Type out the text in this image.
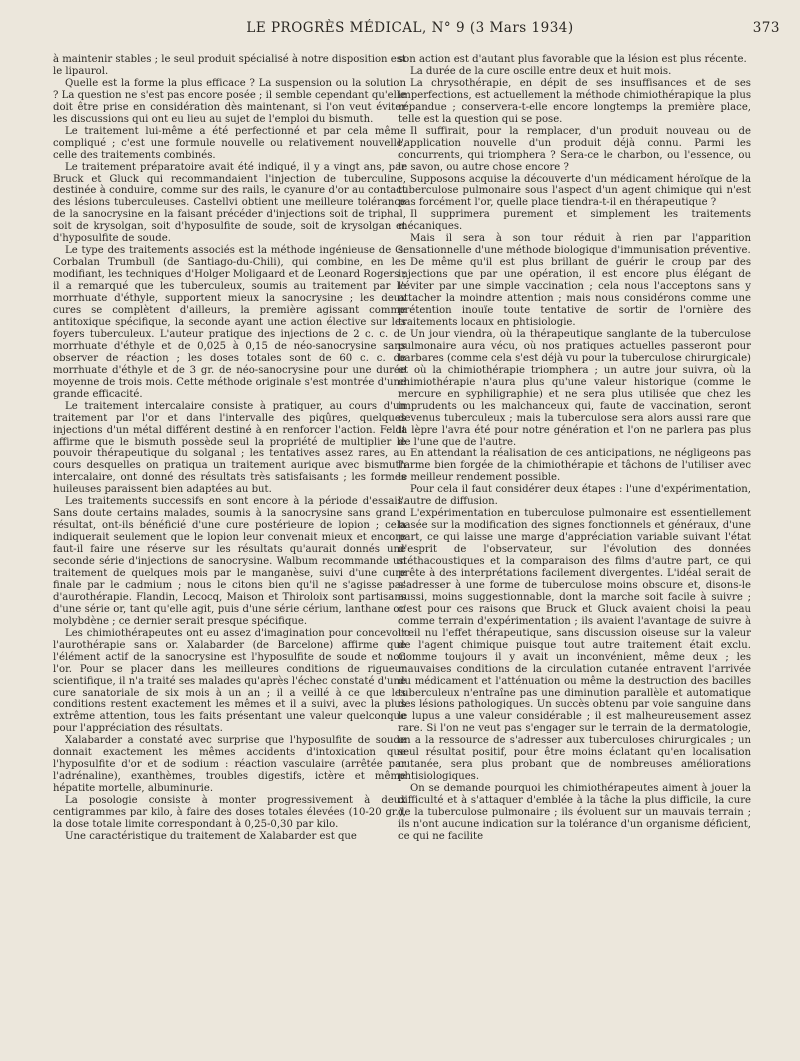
LE PROGRÈS MÉDICAL, N° 9 (3 Mars 1934)	373

à maintenir stables ; le seul produit spécialisé à notre disposition est le lipaurol.

Quelle est la forme la plus efficace ? La suspension ou la solution ? La question ne s'est pas encore posée ; il semble cependant qu'elle doit être prise en considération dès maintenant, si l'on veut éviter les discussions qui ont eu lieu au sujet de l'emploi du bismuth.

Le traitement lui-même a été perfectionné et par cela même compliqué ; c'est une formule nouvelle ou relativement nouvelle, celle des traitements combinés.

Le traitement préparatoire avait été indiqué, il y a vingt ans, par Bruck et Gluck qui recommandaient l'injection de tuberculine, destinée à conduire, comme sur des rails, le cyanure d'or au contact des lésions tuberculeuses. Castellvi obtient une meilleure tolérance de la sanocrysine en la faisant précéder d'injections soit de triphal, soit de krysolgan, soit d'hyposulfite de soude, soit de krysolgan et d'hyposulfite de soude.

Le type des traitements associés est la méthode ingénieuse de G. Corbalan Trumbull (de Santiago-du-Chili), qui combine, en les modifiant, les techniques d'Holger Moligaard et de Leonard Rogers ; il a remarqué que les tuberculeux, soumis au traitement par le morrhuate d'éthyle, supportent mieux la sanocrysine ; les deux cures se complètent d'ailleurs, la première agissant comme antitoxique spécifique, la seconde ayant une action élective sur les foyers tuberculeux. L'auteur pratique des injections de 2 c. c. de morrhuate d'éthyle et de 0,025 à 0,15 de néo-sanocrysine sans observer de réaction ; les doses totales sont de 60 c. c. de morrhuate d'éthyle et de 3 gr. de néo-sanocrysine pour une durée moyenne de trois mois. Cette méthode originale s'est montrée d'une grande efficacité.

Le traitement intercalaire consiste à pratiquer, au cours d'un traitement par l'or et dans l'intervalle des piqûres, quelques injections d'un métal différent destiné à en renforcer l'action. Feldt affirme que le bismuth possède seul la propriété de multiplier le pouvoir thérapeutique du solganal ; les tentatives assez rares, au cours desquelles on pratiqua un traitement aurique avec bismuth intercalaire, ont donné des résultats très satisfaisants ; les formes huileuses paraissent bien adaptées au but.

Les traitements successifs en sont encore à la période d'essais. Sans doute certains malades, soumis à la sanocrysine sans grand résultat, ont-ils bénéficié d'une cure postérieure de lopion ; cela indiquerait seulement que le lopion leur convenait mieux et encore faut-il faire une réserve sur les résultats qu'aurait donnés une seconde série d'injections de sanocrysine. Walbum recommande un traitement de quelques mois par le manganèse, suivi d'une cure finale par le cadmium ; nous le citons bien qu'il ne s'agisse pas d'aurothérapie. Flandin, Lecocq, Maison et Thiroloix sont partisans d'une série or, tant qu'elle agit, puis d'une série cérium, lanthane ou molybdène ; ce dernier serait presque spécifique.

Les chimiothérapeutes ont eu assez d'imagination pour concevoir l'aurothérapie sans or. Xalabarder (de Barcelone) affirme que l'élément actif de la sanocrysine est l'hyposulfite de soude et non l'or. Pour se placer dans les meilleures conditions de rigueur scientifique, il n'a traité ses malades qu'après l'échec constaté d'une cure sanatoriale de six mois à un an ; il a veillé à ce que les conditions restent exactement les mêmes et il a suivi, avec la plus extrême attention, tous les faits présentant une valeur quelconque pour l'appréciation des résultats.

Xalabarder a constaté avec surprise que l'hyposulfite de soude donnait exactement les mêmes accidents d'intoxication que l'hyposulfite d'or et de sodium : réaction vasculaire (arrêtée par l'adrénaline), exanthèmes, troubles digestifs, ictère et même hépatite mortelle, albuminurie.

La posologie consiste à monter progressivement à deux centigrammes par kilo, à faire des doses totales élevées (10-20 gr.), la dose totale limite correspondant à 0,25-0,30 par kilo.

Une caractéristique du traitement de Xalabarder est que

son action est d'autant plus favorable que la lésion est plus récente.

La durée de la cure oscille entre deux et huit mois.

La chrysothérapie, en dépit de ses insuffisances et de ses imperfections, est actuellement la méthode chimiothérapique la plus répandue ; conservera-t-elle encore longtemps la première place, telle est la question qui se pose.

Il suffirait, pour la remplacer, d'un produit nouveau ou de l'application nouvelle d'un produit déjà connu. Parmi les concurrents, qui triomphera ? Sera-ce le charbon, ou l'essence, ou le savon, ou autre chose encore ?

Supposons acquise la découverte d'un médicament héroïque de la tuberculose pulmonaire sous l'aspect d'un agent chimique qui n'est pas forcément l'or, quelle place tiendra-t-il en thérapeutique ?

Il supprimera purement et simplement les traitements mécaniques.

Mais il sera à son tour réduit à rien par l'apparition sensationnelle d'une méthode biologique d'immunisation préventive.

De même qu'il est plus brillant de guérir le croup par des injections que par une opération, il est encore plus élégant de l'éviter par une simple vaccination ; cela nous l'acceptons sans y attacher la moindre attention ; mais nous considérons comme une prétention inouïe toute tentative de sortir de l'ornière des traitements locaux en phtisiologie.

Un jour viendra, où la thérapeutique sanglante de la tuberculose pulmonaire aura vécu, où nos pratiques actuelles passeront pour barbares (comme cela s'est déjà vu pour la tuberculose chirurgicale) et où la chimiothérapie triomphera ; un autre jour suivra, où la chimiothérapie n'aura plus qu'une valeur historique (comme le mercure en syphiligraphie) et ne sera plus utilisée que chez les imprudents ou les malchanceux qui, faute de vaccination, seront devenus tuberculeux ; mais la tuberculose sera alors aussi rare que la lèpre l'avra été pour notre génération et l'on ne parlera pas plus de l'une que de l'autre.

En attendant la réalisation de ces anticipations, ne négligeons pas l'arme bien forgée de la chimiothérapie et tâchons de l'utiliser avec le meilleur rendement possible.

Pour cela il faut considérer deux étapes : l'une d'expérimentation, l'autre de diffusion.

L'expérimentation en tuberculose pulmonaire est essentiellement basée sur la modification des signes fonctionnels et généraux, d'une part, ce qui laisse une marge d'appréciation variable suivant l'état d'esprit de l'observateur, sur l'évolution des données stéthacoustiques et la comparaison des films d'autre part, ce qui prête à des interprétations facilement divergentes. L'idéal serait de s'adresser à une forme de tuberculose moins obscure et, disons-le aussi, moins suggestionnable, dont la marche soit facile à suivre ; c'est pour ces raisons que Bruck et Gluck avaient choisi la peau comme terrain d'expérimentation ; ils avaient l'avantage de suivre à l'œil nu l'effet thérapeutique, sans discussion oiseuse sur la valeur de l'agent chimique puisque tout autre traitement était exclu. Comme toujours il y avait un inconvénient, même deux ; les mauvaises conditions de la circulation cutanée entravent l'arrivée du médicament et l'atténuation ou même la destruction des bacilles tuberculeux n'entraîne pas une diminution parallèle et automatique des lésions pathologiques. Un succès obtenu par voie sanguine dans le lupus a une valeur considérable ; il est malheureusement assez rare. Si l'on ne veut pas s'engager sur le terrain de la dermatologie, on a la ressource de s'adresser aux tuberculoses chirurgicales ; un seul résultat positif, pour être moins éclatant qu'en localisation cutanée, sera plus probant que de nombreuses améliorations phtisiologiques.

On se demande pourquoi les chimiothérapeutes aiment à jouer la difficulté et à s'attaquer d'emblée à la tâche la plus difficile, la cure de la tuberculose pulmonaire ; ils évoluent sur un mauvais terrain ; ils n'ont aucune indication sur la tolérance d'un organisme déficient, ce qui ne facilite
